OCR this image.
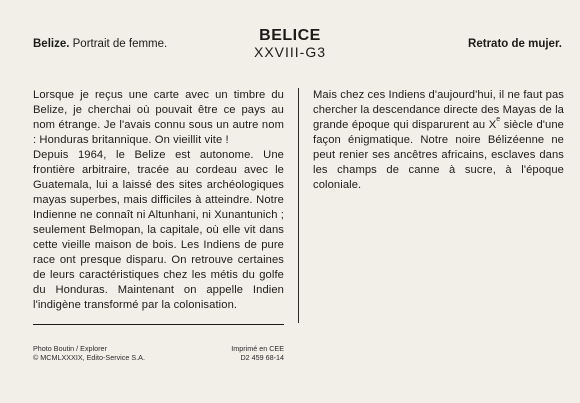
Belize. Portrait de femme.	BELICE
XXVIII-G3	Retrato de mujer.

Lorsque je reçus une carte avec un timbre du Belize, je cherchai où pouvait être ce pays au nom étrange. Je l'avais connu sous un autre nom : Honduras britannique. On vieillit vite !

Depuis 1964, le Belize est autonome. Une frontière arbitraire, tracée au cordeau avec le Guatemala, lui a laissé des sites archéologiques mayas superbes, mais difficiles à atteindre. Notre Indienne ne connaît ni Altunhani, ni Xunantunich ; seulement Belmopan, la capitale, où elle vit dans cette vieille maison de bois. Les Indiens de pure race ont presque disparu. On retrouve certaines de leurs caractéristiques chez les métis du golfe du Honduras. Maintenant on appelle Indien l'indigène transformé par la colonisation.

Mais chez ces Indiens d'aujourd'hui, il ne faut pas chercher la descendance directe des Mayas de la grande époque qui disparurent au Xe siècle d'une façon énigmatique. Notre noire Bélizéenne ne peut renier ses ancêtres africains, esclaves dans les champs de canne à sucre, à l'époque coloniale.

Photo Boutin / Explorer
© MCMLXXXIX, Edito-Service S.A.
Imprimé en CEE
D2 459 68-14
